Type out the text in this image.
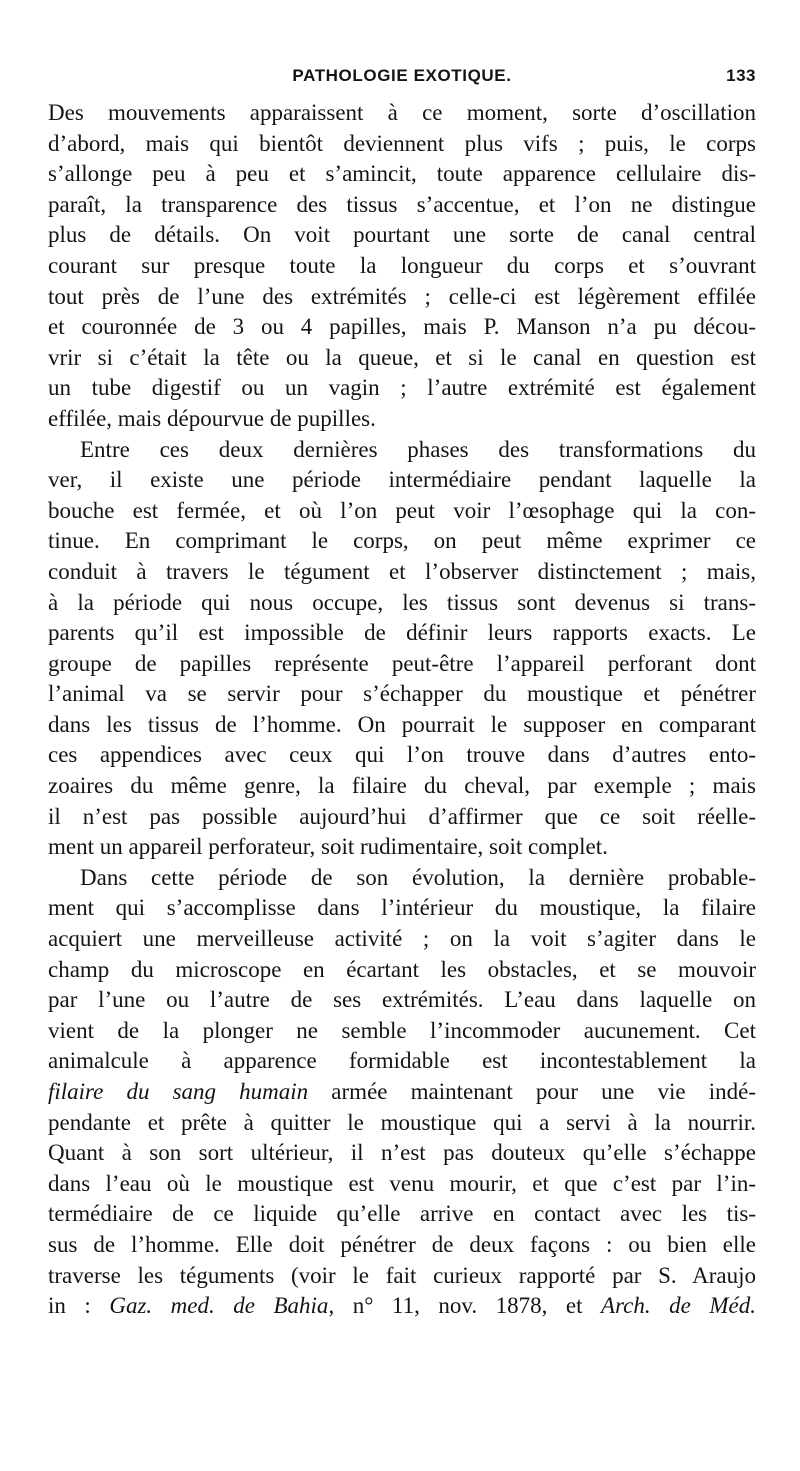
PATHOLOGIE EXOTIQUE.	133

Des mouvements apparaissent à ce moment, sorte d’oscillation
d’abord, mais qui bientôt deviennent plus vifs ; puis, le corps
s’allonge peu à peu et s’amincit, toute apparence cellulaire dis-
paraît, la transparence des tissus s’accentue, et l’on ne distingue
plus de détails. On voit pourtant une sorte de canal central
courant sur presque toute la longueur du corps et s’ouvrant
tout près de l’une des extrémités ; celle-ci est légèrement effilée
et couronnée de 3 ou 4 papilles, mais P. Manson n’a pu décou-
vrir si c’était la tête ou la queue, et si le canal en question est
un tube digestif ou un vagin ; l’autre extrémité est également
effilée, mais dépourvue de pupilles.

Entre ces deux dernières phases des transformations du
ver, il existe une période intermédiaire pendant laquelle la
bouche est fermée, et où l’on peut voir l’œsophage qui la con-
tinue. En comprimant le corps, on peut même exprimer ce
conduit à travers le tégument et l’observer distinctement ; mais,
à la période qui nous occupe, les tissus sont devenus si trans-
parents qu’il est impossible de définir leurs rapports exacts. Le
groupe de papilles représente peut-être l’appareil perforant dont
l’animal va se servir pour s’échapper du moustique et pénétrer
dans les tissus de l’homme. On pourrait le supposer en comparant
ces appendices avec ceux qui l’on trouve dans d’autres ento-
zoaires du même genre, la filaire du cheval, par exemple ; mais
il n’est pas possible aujourd’hui d’affirmer que ce soit réelle-
ment un appareil perforateur, soit rudimentaire, soit complet.

Dans cette période de son évolution, la dernière probable-
ment qui s’accomplisse dans l’intérieur du moustique, la filaire
acquiert une merveilleuse activité ; on la voit s’agiter dans le
champ du microscope en écartant les obstacles, et se mouvoir
par l’une ou l’autre de ses extrémités. L’eau dans laquelle on
vient de la plonger ne semble l’incommoder aucunement. Cet
animalcule à apparence formidable est incontestablement la
filaire du sang humain armée maintenant pour une vie indé-
pendante et prête à quitter le moustique qui a servi à la nourrir.
Quant à son sort ultérieur, il n’est pas douteux qu’elle s’échappe
dans l’eau où le moustique est venu mourir, et que c’est par l’in-
termédiaire de ce liquide qu’elle arrive en contact avec les tis-
sus de l’homme. Elle doit pénétrer de deux façons : ou bien elle
traverse les téguments (voir le fait curieux rapporté par S. Araujo
in : Gaz. med. de Bahia, n° 11, nov. 1878, et Arch. de Méd.
